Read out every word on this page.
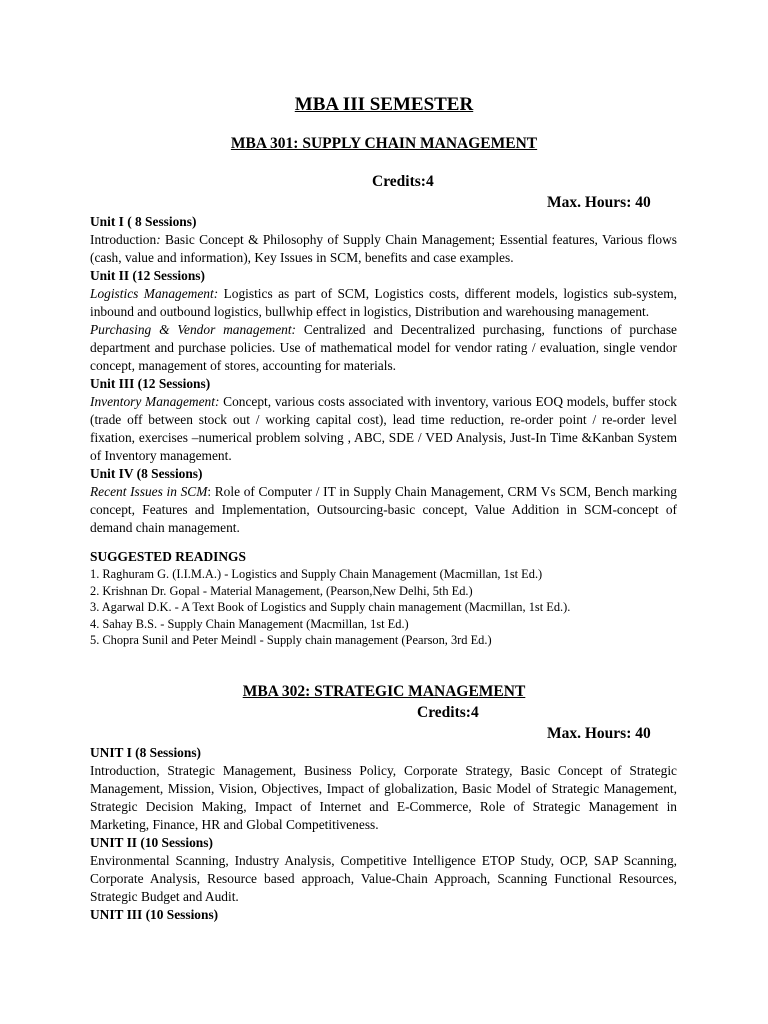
MBA III SEMESTER
MBA 301: SUPPLY CHAIN MANAGEMENT
Credits:4
Max. Hours: 40

Unit I ( 8 Sessions)

Introduction: Basic Concept & Philosophy of Supply Chain Management; Essential features, Various flows (cash, value and information), Key Issues in SCM, benefits and case examples.

Unit II (12 Sessions)

Logistics Management: Logistics as part of SCM, Logistics costs, different models, logistics sub-system, inbound and outbound logistics, bullwhip effect in logistics, Distribution and warehousing management.

Purchasing & Vendor management: Centralized and Decentralized purchasing, functions of purchase department and purchase policies. Use of mathematical model for vendor rating / evaluation, single vendor concept, management of stores, accounting for materials.

Unit III (12 Sessions)

Inventory Management: Concept, various costs associated with inventory, various EOQ models, buffer stock (trade off between stock out / working capital cost), lead time reduction, re-order point / re-order level fixation, exercises –numerical problem solving , ABC, SDE / VED Analysis, Just-In Time &Kanban System of Inventory management.

Unit IV (8 Sessions)

Recent Issues in SCM: Role of Computer / IT in Supply Chain Management, CRM Vs SCM, Bench marking concept, Features and Implementation, Outsourcing-basic concept, Value Addition in SCM-concept of demand chain management.

SUGGESTED READINGS

1. Raghuram G. (I.I.M.A.) - Logistics and Supply Chain Management (Macmillan, 1st Ed.)

2. Krishnan Dr. Gopal - Material Management, (Pearson,New Delhi, 5th Ed.)

3. Agarwal D.K. - A Text Book of Logistics and Supply chain management (Macmillan, 1st Ed.).

4. Sahay B.S. - Supply Chain Management (Macmillan, 1st Ed.)

5. Chopra Sunil and Peter Meindl - Supply chain management (Pearson, 3rd Ed.)

MBA 302: STRATEGIC MANAGEMENT
Credits:4
Max. Hours: 40

UNIT I (8 Sessions)

Introduction, Strategic Management, Business Policy, Corporate Strategy, Basic Concept of Strategic Management, Mission, Vision, Objectives, Impact of globalization, Basic Model of Strategic Management, Strategic Decision Making, Impact of Internet and E-Commerce, Role of Strategic Management in Marketing, Finance, HR and Global Competitiveness.

UNIT II (10 Sessions)

Environmental Scanning, Industry Analysis, Competitive Intelligence ETOP Study, OCP, SAP Scanning, Corporate Analysis, Resource based approach, Value-Chain Approach, Scanning Functional Resources, Strategic Budget and Audit.

UNIT III (10 Sessions)
